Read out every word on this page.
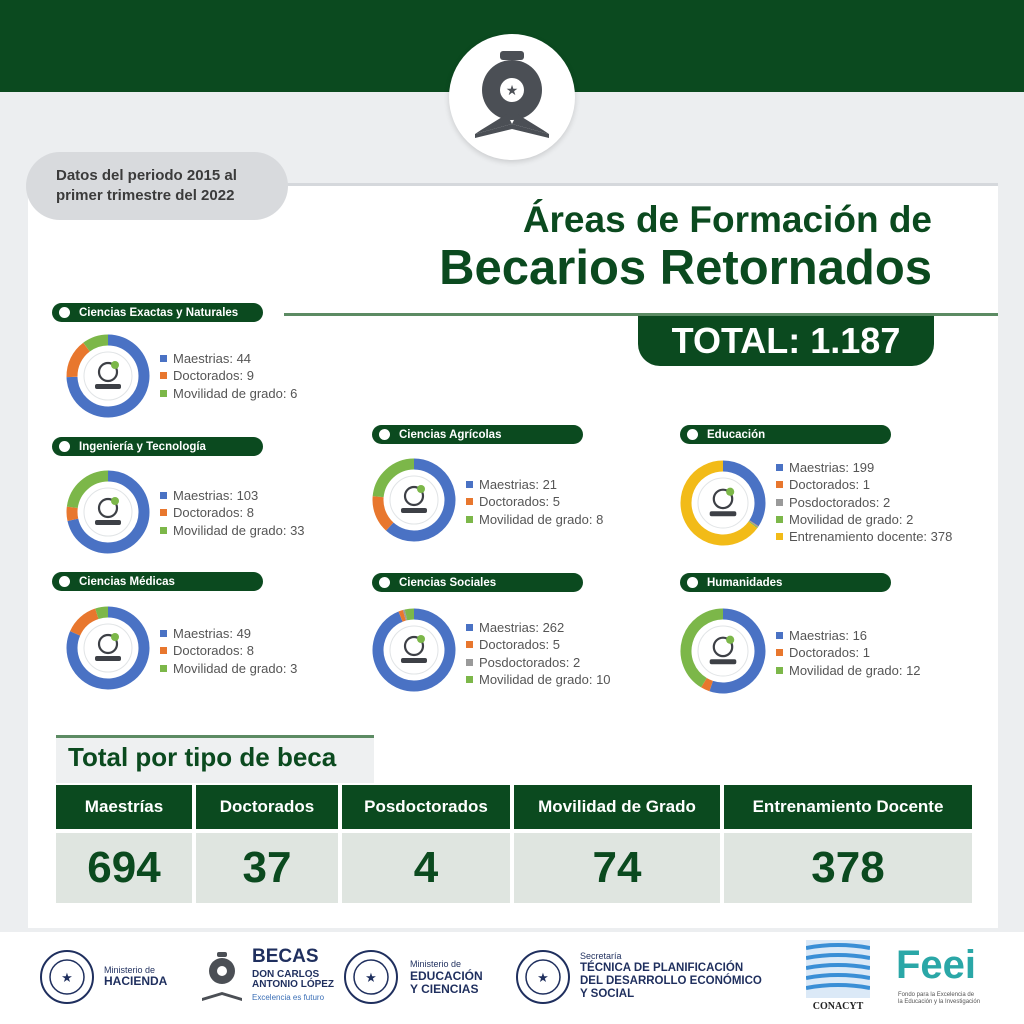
★
Datos del periodo 2015 al
primer trimestre del 2022
Áreas de Formación de
Becarios Retornados
TOTAL: 1.187
Ciencias Exactas y Naturales
Maestrias: 44
Doctorados: 9
Movilidad de grado: 6
Ingeniería y Tecnología
Maestrias: 103
Doctorados: 8
Movilidad de grado: 33
Ciencias Médicas
Maestrias: 49
Doctorados: 8
Movilidad de grado: 3
Ciencias Agrícolas
Maestrias: 21
Doctorados: 5
Movilidad de grado: 8
Ciencias Sociales
Maestrias: 262
Doctorados: 5
Posdoctorados: 2
Movilidad de grado: 10
Educación
Maestrias: 199
Doctorados: 1
Posdoctorados: 2
Movilidad de grado: 2
Entrenamiento docente: 378
Humanidades
Maestrias: 16
Doctorados: 1
Movilidad de grado: 12
Total por tipo de beca
Maestrías
694
Doctorados
37
Posdoctorados
4
Movilidad de Grado
74
Entrenamiento Docente
378
★
Ministerio de
HACIENDA
BECAS
DON CARLOS
ANTONIO LÓPEZ
Excelencia es futuro
★
Ministerio de
EDUCACIÓN
Y CIENCIAS
★
Secretaría
TÉCNICA DE PLANIFICACIÓN
DEL DESARROLLO ECONÓMICO
Y SOCIAL
CONACYT
Feei
Fondo para la Excelencia de
la Educación y la Investigación
